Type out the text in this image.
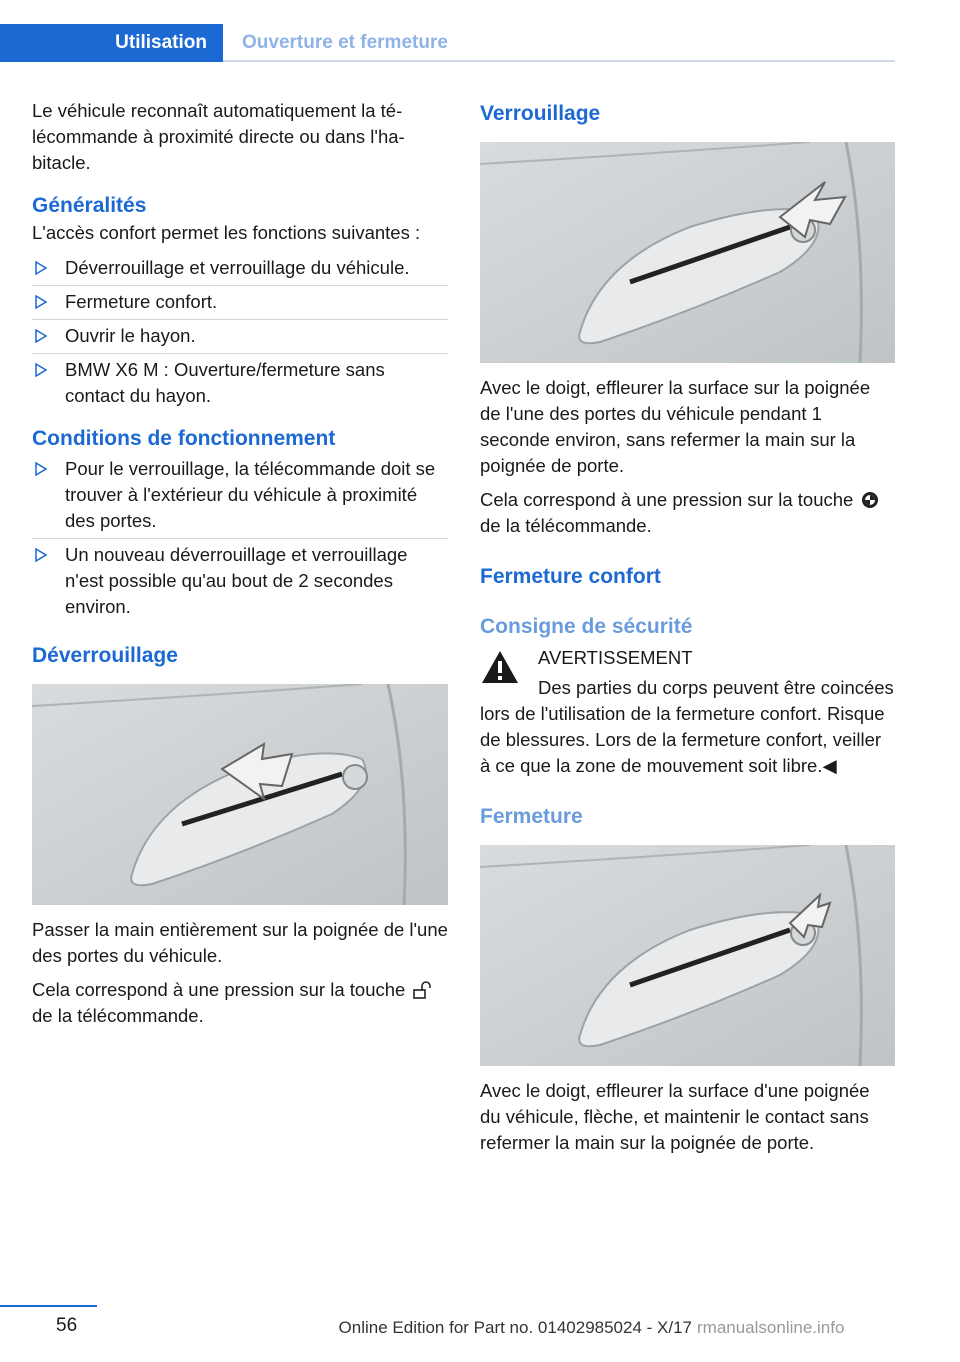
Utilisation	Ouverture et fermeture

Le véhicule reconnaît automatiquement la télécommande à proximité directe ou dans l'habitacle.

Généralités

L'accès confort permet les fonctions suivantes :

Déverrouillage et verrouillage du véhicule.
Fermeture confort.
Ouvrir le hayon.
BMW X6 M : Ouverture/fermeture sans contact du hayon.
Conditions de fonctionnement
Pour le verrouillage, la télécommande doit se trouver à l'extérieur du véhicule à proximité des portes.
Un nouveau déverrouillage et verrouillage n'est possible qu'au bout de 2 secondes environ.
Déverrouillage

Passer la main entièrement sur la poignée de l'une des portes du véhicule.

Cela correspond à une pression sur la touche de la télécommande.

Verrouillage

Avec le doigt, effleurer la surface sur la poignée de l'une des portes du véhicule pendant 1 seconde environ, sans refermer la main sur la poignée de porte.

Cela correspond à une pression sur la touche de la télécommande.

Fermeture confort
Consigne de sécurité

AVERTISSEMENT

Des parties du corps peuvent être coincées lors de l'utilisation de la fermeture confort. Risque de blessures. Lors de la fermeture confort, veiller à ce que la zone de mouvement soit libre.◀

Fermeture

Avec le doigt, effleurer la surface d'une poignée du véhicule, flèche, et maintenir le contact sans refermer la main sur la poignée de porte.

56	Online Edition for Part no. 01402985024 - X/17 rmanualsonline.info
